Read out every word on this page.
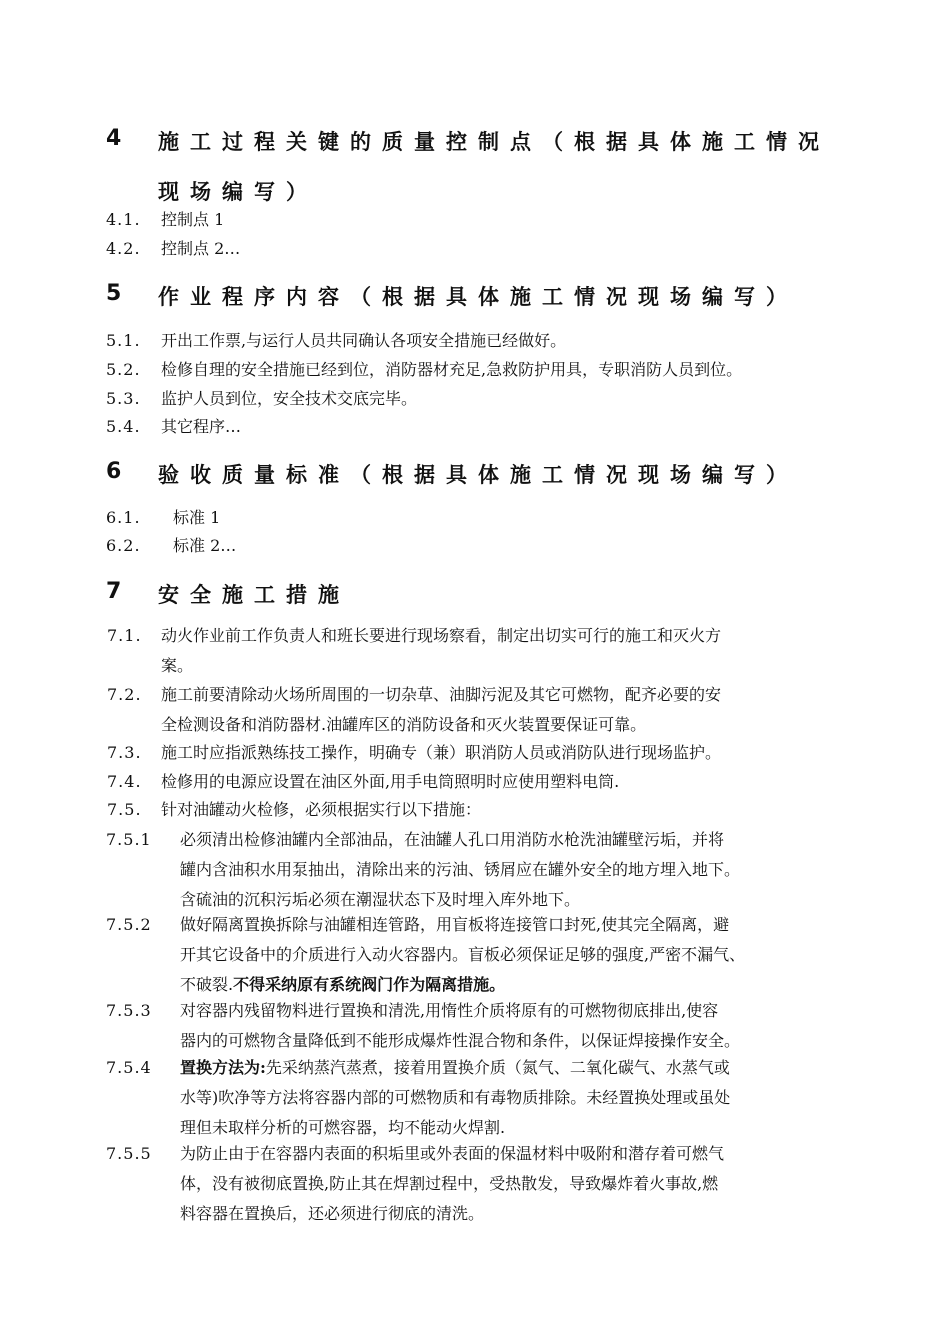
4 施工过程关键的质量控制点（根据具体施工情况
现场编写）
4.1. 控制点 1
4.2. 控制点 2…
5 作业程序内容（根据具体施工情况现场编写）
5.1. 开出工作票,与运行人员共同确认各项安全措施已经做好。
5.2. 检修自理的安全措施已经到位，消防器材充足,急救防护用具，专职消防人员到位。
5.3. 监护人员到位，安全技术交底完毕。
5.4. 其它程序…
6 验收质量标准（根据具体施工情况现场编写）
6.1. 标准 1
6.2. 标准 2…
7 安全施工措施
7.1. 动火作业前工作负责人和班长要进行现场察看，制定出切实可行的施工和灭火方
案。
7.2. 施工前要清除动火场所周围的一切杂草、油脚污泥及其它可燃物，配齐必要的安
全检测设备和消防器材.油罐库区的消防设备和灭火装置要保证可靠。
7.3. 施工时应指派熟练技工操作，明确专（兼）职消防人员或消防队进行现场监护。
7.4. 检修用的电源应设置在油区外面,用手电筒照明时应使用塑料电筒.
7.5. 针对油罐动火检修，必须根据实行以下措施：
7.5.1 必须清出检修油罐内全部油品，在油罐人孔口用消防水枪洗油罐壁污垢，并将
罐内含油积水用泵抽出，清除出来的污油、锈屑应在罐外安全的地方埋入地下。
含硫油的沉积污垢必须在潮湿状态下及时埋入库外地下。
7.5.2 做好隔离置换拆除与油罐相连管路，用盲板将连接管口封死,使其完全隔离，避
开其它设备中的介质进行入动火容器内。盲板必须保证足够的强度,严密不漏气、
不破裂.不得采纳原有系统阀门作为隔离措施。
7.5.3 对容器内残留物料进行置换和清洗,用惰性介质将原有的可燃物彻底排出,使容
器内的可燃物含量降低到不能形成爆炸性混合物和条件，以保证焊接操作安全。
7.5.4 置换方法为:先采纳蒸汽蒸煮，接着用置换介质（氮气、二氧化碳气、水蒸气或
水等)吹净等方法将容器内部的可燃物质和有毒物质排除。未经置换处理或虽处
理但未取样分析的可燃容器，均不能动火焊割.
7.5.5 为防止由于在容器内表面的积垢里或外表面的保温材料中吸附和潜存着可燃气
体，没有被彻底置换,防止其在焊割过程中，受热散发，导致爆炸着火事故,燃
料容器在置换后，还必须进行彻底的清洗。
